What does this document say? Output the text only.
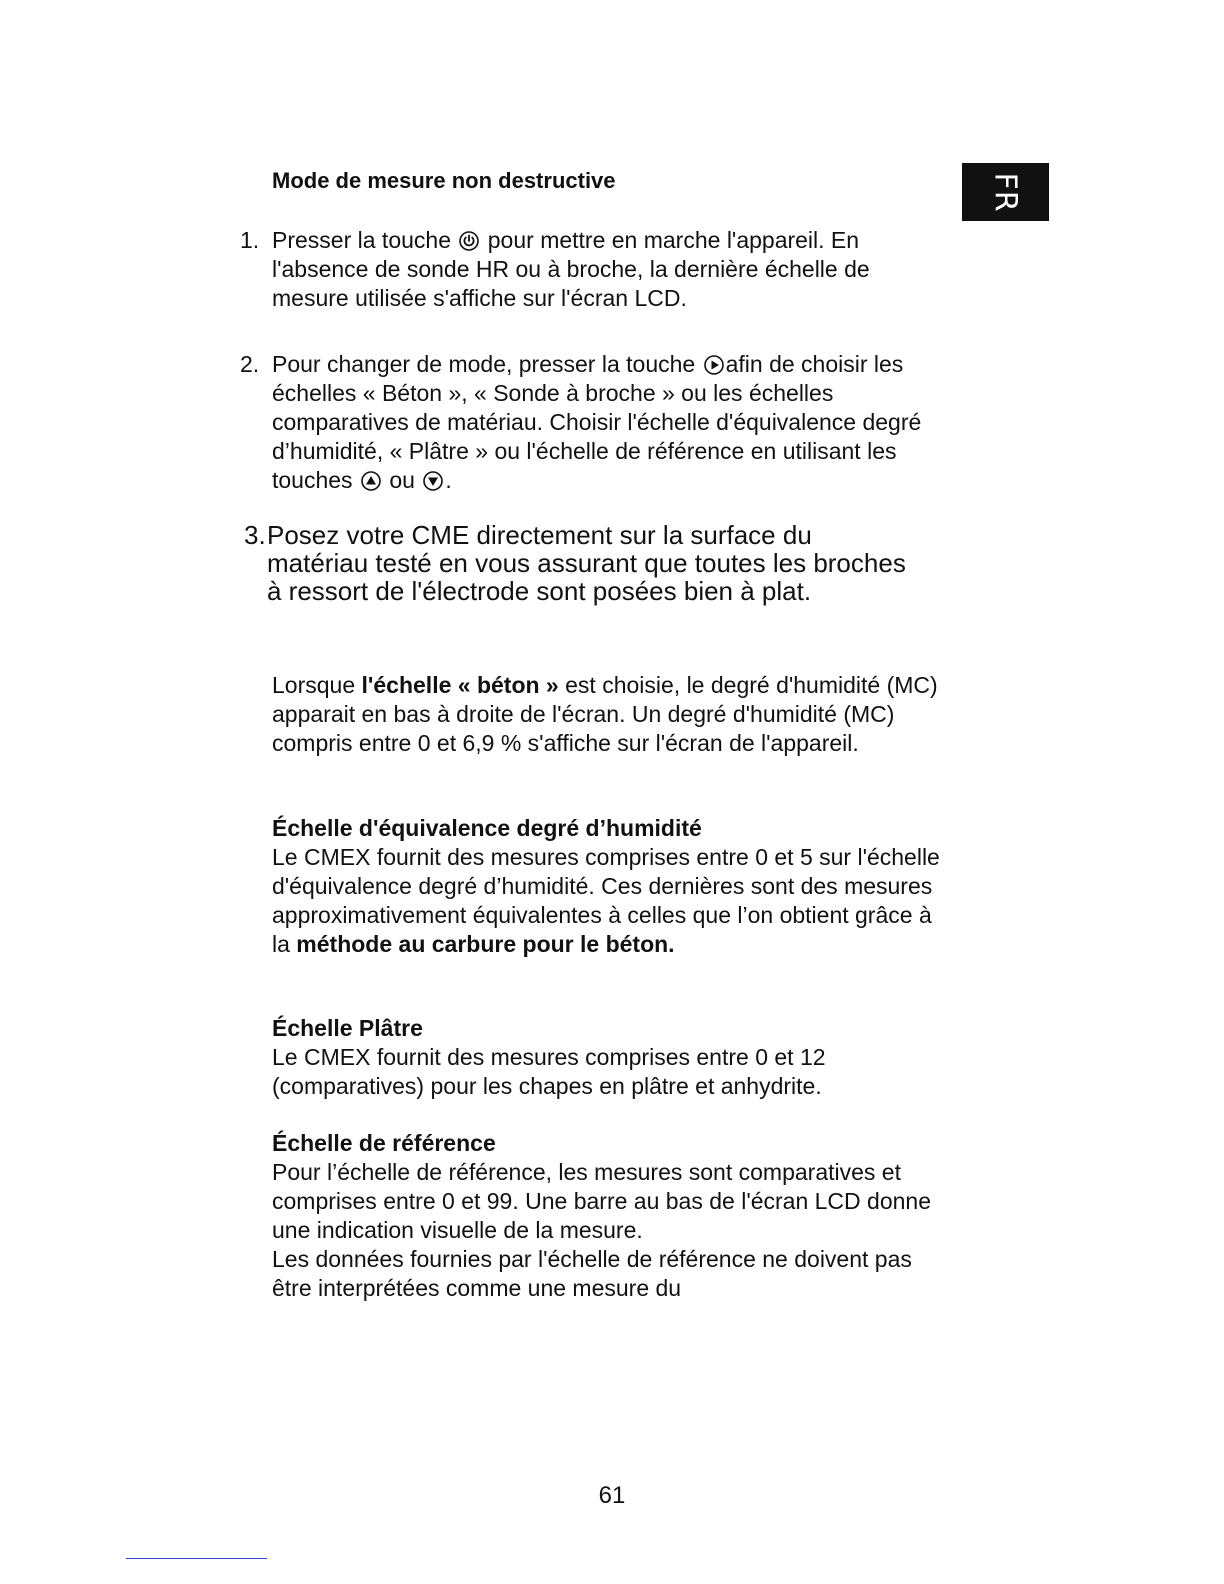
FR
Mode de mesure non destructive
1. Presser la touche pour mettre en marche l'appareil. En l'absence de sonde HR ou à broche, la dernière échelle de mesure utilisée s'affiche sur l'écran LCD.
2. Pour changer de mode, presser la touche afin de choisir les échelles « Béton », « Sonde à broche » ou les échelles comparatives de matériau. Choisir l'échelle d'équivalence degré d’humidité, « Plâtre » ou l'échelle de référence en utilisant les touches ou .
3. Posez votre CME directement sur la surface du matériau testé en vous assurant que toutes les broches à ressort de l'électrode sont posées bien à plat.
Lorsque l'échelle « béton » est choisie, le degré d'humidité (MC) apparait en bas à droite de l'écran. Un degré d'humidité (MC) compris entre 0 et 6,9 % s'affiche sur l'écran de l'appareil.
Échelle d'équivalence degré d’humidité
Le CMEX fournit des mesures comprises entre 0 et 5 sur l'échelle d'équivalence degré d’humidité. Ces dernières sont des mesures approximativement équivalentes à celles que l’on obtient grâce à la méthode au carbure pour le béton.
Échelle Plâtre
Le CMEX fournit des mesures comprises entre 0 et 12 (comparatives) pour les chapes en plâtre et anhydrite.
Échelle de référence
Pour l’échelle de référence, les mesures sont comparatives et comprises entre 0 et 99. Une barre au bas de l'écran LCD donne une indication visuelle de la mesure.
Les données fournies par l'échelle de référence ne doivent pas être interprétées comme une mesure du
61
